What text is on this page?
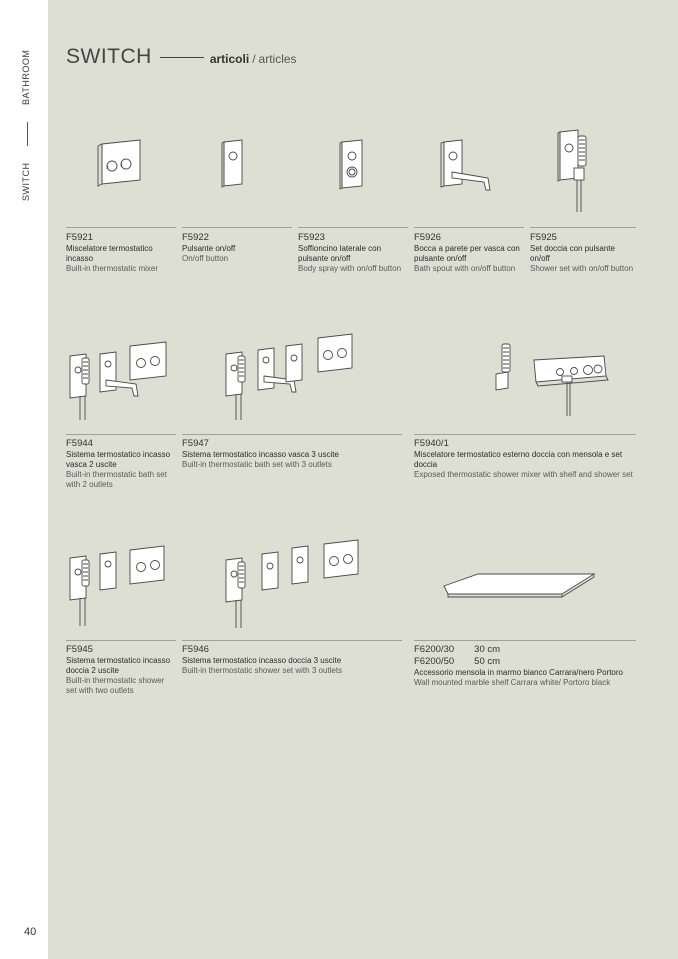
BATHROOM
SWITCH
40
SWITCH	articoli / articles
F5921
Miscelatore termostatico incasso
Built-in thermostatic mixer
F5922
Pulsante on/off
On/off button
F5923
Soffioncino laterale con pulsante on/off
Body spray with on/off button
F5926
Bocca a parete per vasca con pulsante on/off
Bath spout with on/off button
F5925
Set doccia con pulsante on/off
Shower set with on/off button
F5944
Sistema termostatico incasso vasca 2 uscite
Built-in thermostatic bath set with 2 outlets
F5947
Sistema termostatico incasso vasca 3 uscite
Built-in thermostatic bath set with 3 outlets
F5940/1
Miscelatore termostatico esterno doccia con mensola e set doccia
Exposed thermostatic shower mixer with shelf and shower set
F5945
Sistema termostatico incasso doccia 2 uscite
Built-in thermostatic shower set with two outlets
F5946
Sistema termostatico incasso doccia 3 uscite
Built-in thermostatic shower set with 3 outlets
F6200/30 30 cm
F6200/50 50 cm
Accessorio mensola in marmo bianco Carrara/nero Portoro
Wall mounted marble shelf Carrara white/ Portoro black
